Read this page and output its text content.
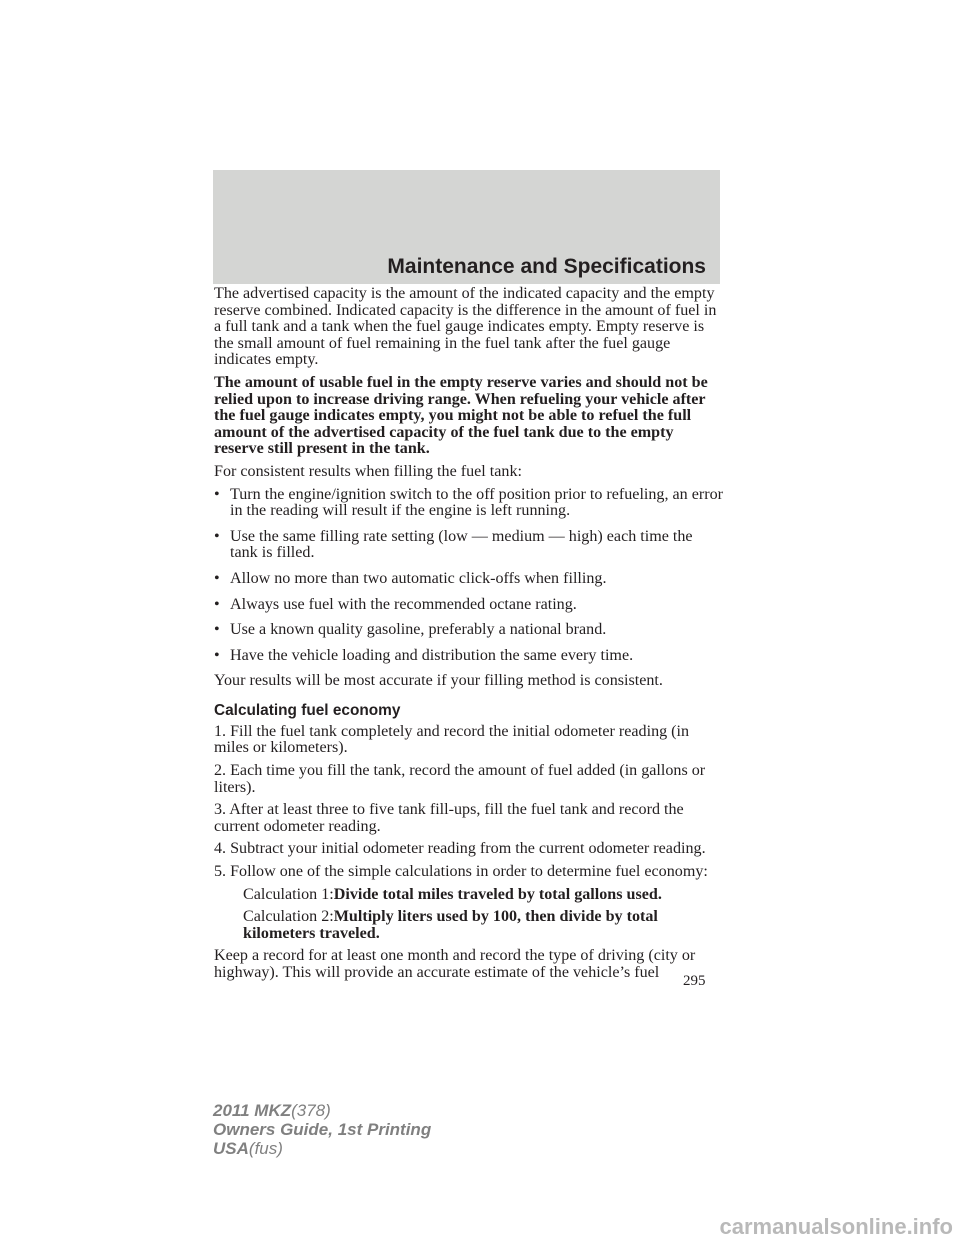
Maintenance and Specifications

The advertised capacity is the amount of the indicated capacity and the empty reserve combined. Indicated capacity is the difference in the amount of fuel in a full tank and a tank when the fuel gauge indicates empty. Empty reserve is the small amount of fuel remaining in the fuel tank after the fuel gauge indicates empty.

The amount of usable fuel in the empty reserve varies and should not be relied upon to increase driving range. When refueling your vehicle after the fuel gauge indicates empty, you might not be able to refuel the full amount of the advertised capacity of the fuel tank due to the empty reserve still present in the tank.

For consistent results when filling the fuel tank:

• Turn the engine/ignition switch to the off position prior to refueling, an error in the reading will result if the engine is left running.
• Use the same filling rate setting (low — medium — high) each time the tank is filled.
• Allow no more than two automatic click-offs when filling.
• Always use fuel with the recommended octane rating.
• Use a known quality gasoline, preferably a national brand.
• Have the vehicle loading and distribution the same every time.

Your results will be most accurate if your filling method is consistent.

Calculating fuel economy

1. Fill the fuel tank completely and record the initial odometer reading (in miles or kilometers).

2. Each time you fill the tank, record the amount of fuel added (in gallons or liters).

3. After at least three to five tank fill-ups, fill the fuel tank and record the current odometer reading.

4. Subtract your initial odometer reading from the current odometer reading.

5. Follow one of the simple calculations in order to determine fuel economy:

Calculation 1:Divide total miles traveled by total gallons used.

Calculation 2:Multiply liters used by 100, then divide by total kilometers traveled.

Keep a record for at least one month and record the type of driving (city or highway). This will provide an accurate estimate of the vehicle’s fuel	295
2011 MKZ(378)
Owners Guide, 1st Printing
USA(fus)
carmanualsonline.info
